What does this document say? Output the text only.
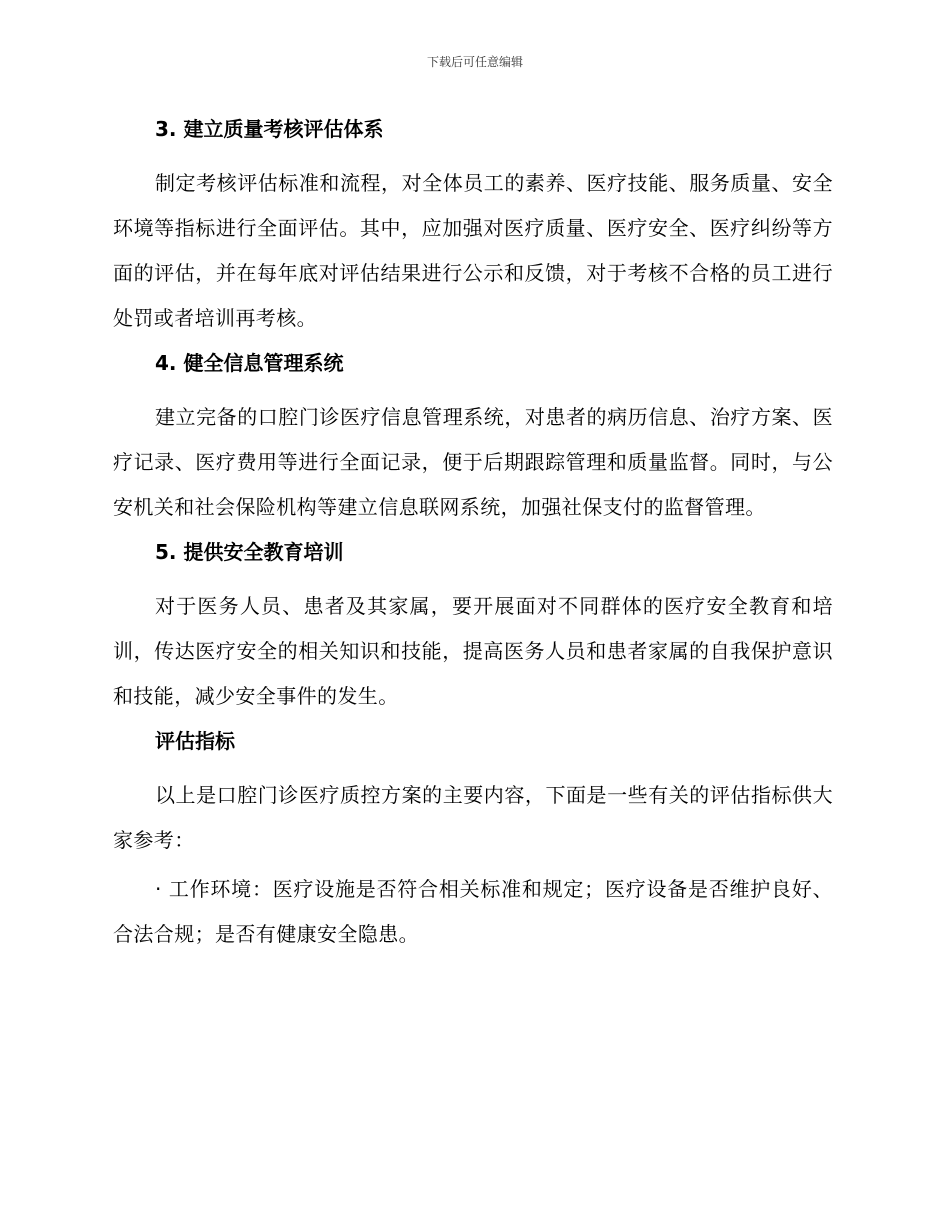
下载后可任意编辑
3. 建立质量考核评估体系

制定考核评估标准和流程，对全体员工的素养、医疗技能、服务质量、安全环境等指标进行全面评估。其中，应加强对医疗质量、医疗安全、医疗纠纷等方面的评估，并在每年底对评估结果进行公示和反馈，对于考核不合格的员工进行处罚或者培训再考核。

4. 健全信息管理系统

建立完备的口腔门诊医疗信息管理系统，对患者的病历信息、治疗方案、医疗记录、医疗费用等进行全面记录，便于后期跟踪管理和质量监督。同时，与公安机关和社会保险机构等建立信息联网系统，加强社保支付的监督管理。

5. 提供安全教育培训

对于医务人员、患者及其家属，要开展面对不同群体的医疗安全教育和培训，传达医疗安全的相关知识和技能，提高医务人员和患者家属的自我保护意识和技能，减少安全事件的发生。

评估指标

以上是口腔门诊医疗质控方案的主要内容，下面是一些有关的评估指标供大家参考：

· 工作环境：医疗设施是否符合相关标准和规定；医疗设备是否维护良好、合法合规；是否有健康安全隐患。
